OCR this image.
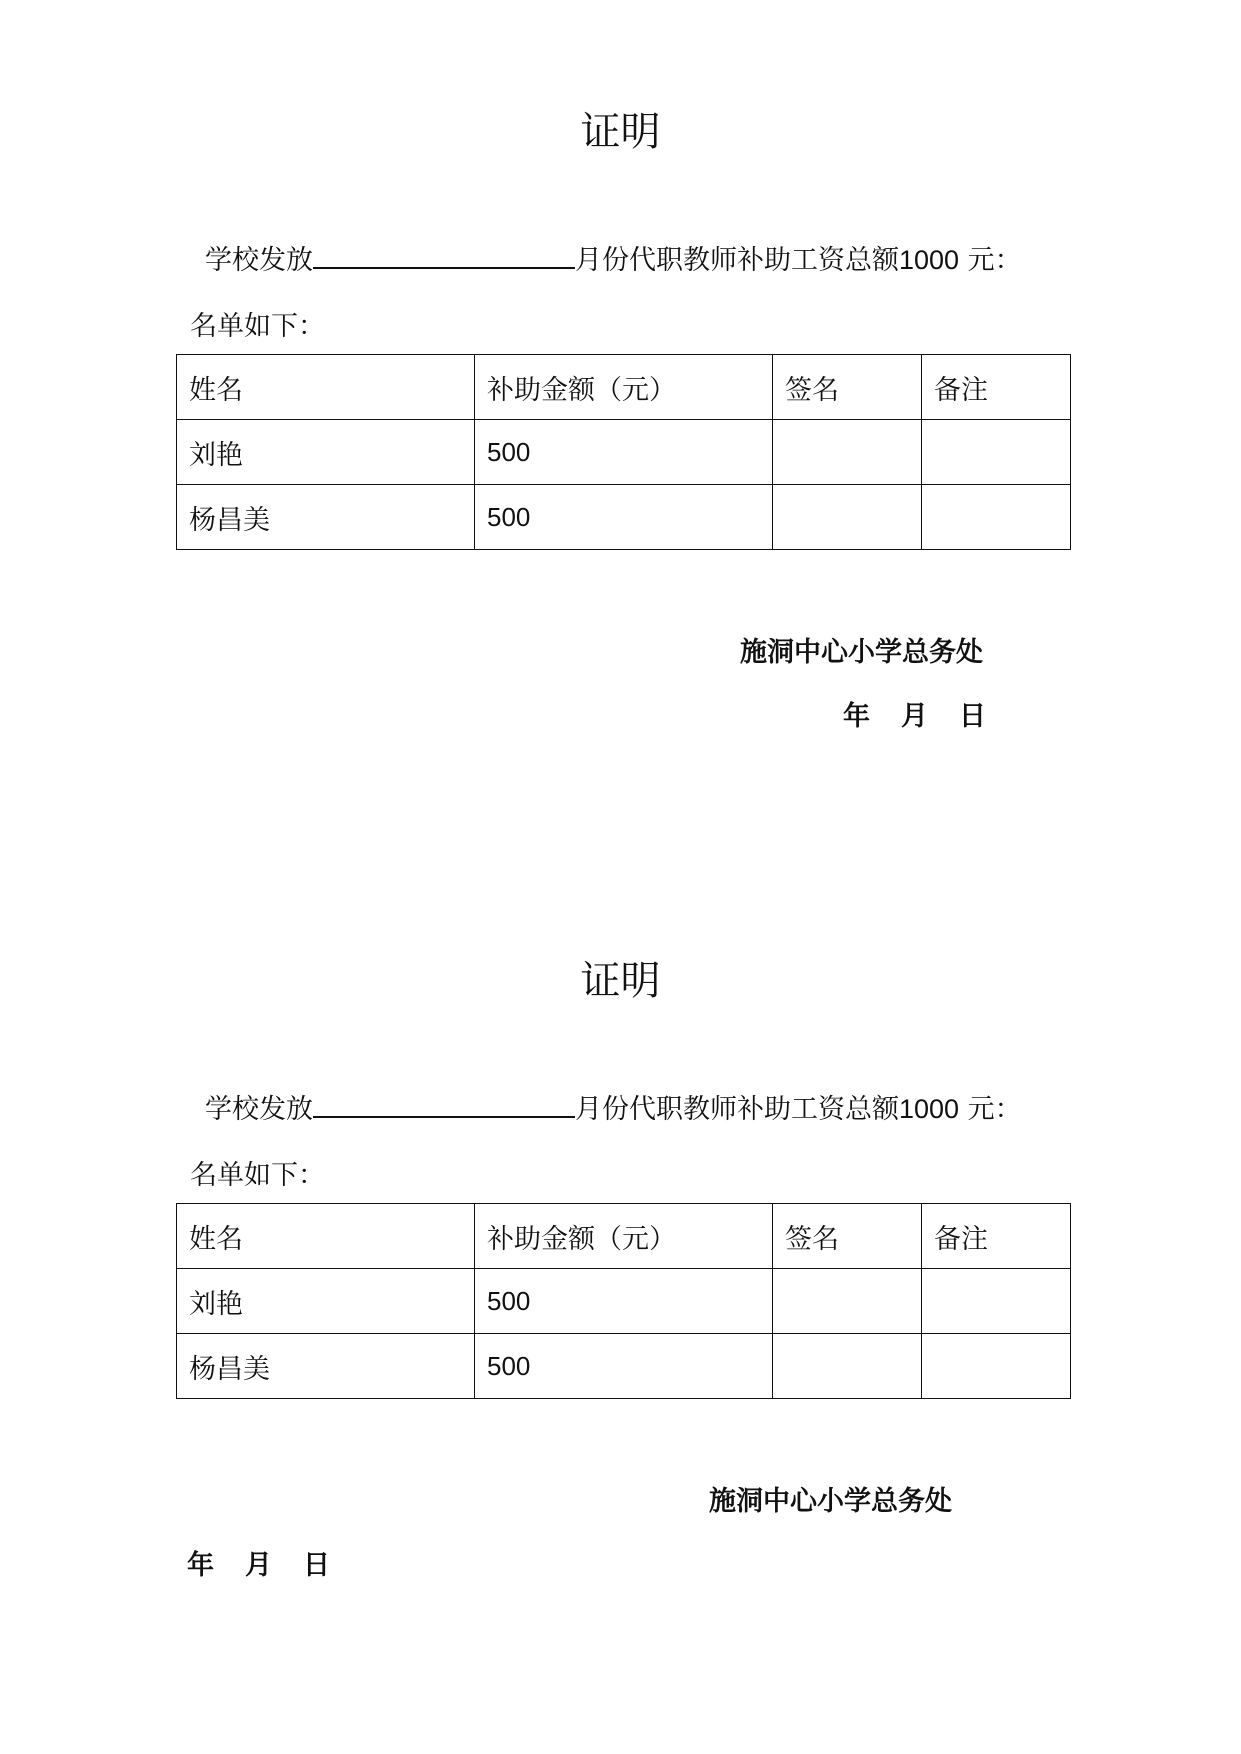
证明
学校发放	月份代职教师补助工资总额1000 元：
名单如下：
姓名	补助金额（元）	签名	备注
刘艳	500		
杨昌美	500		
施洞中心小学总务处
年 月 日
证明
学校发放	月份代职教师补助工资总额1000 元：
名单如下：
姓名	补助金额（元）	签名	备注
刘艳	500		
杨昌美	500		
施洞中心小学总务处
年 月 日
